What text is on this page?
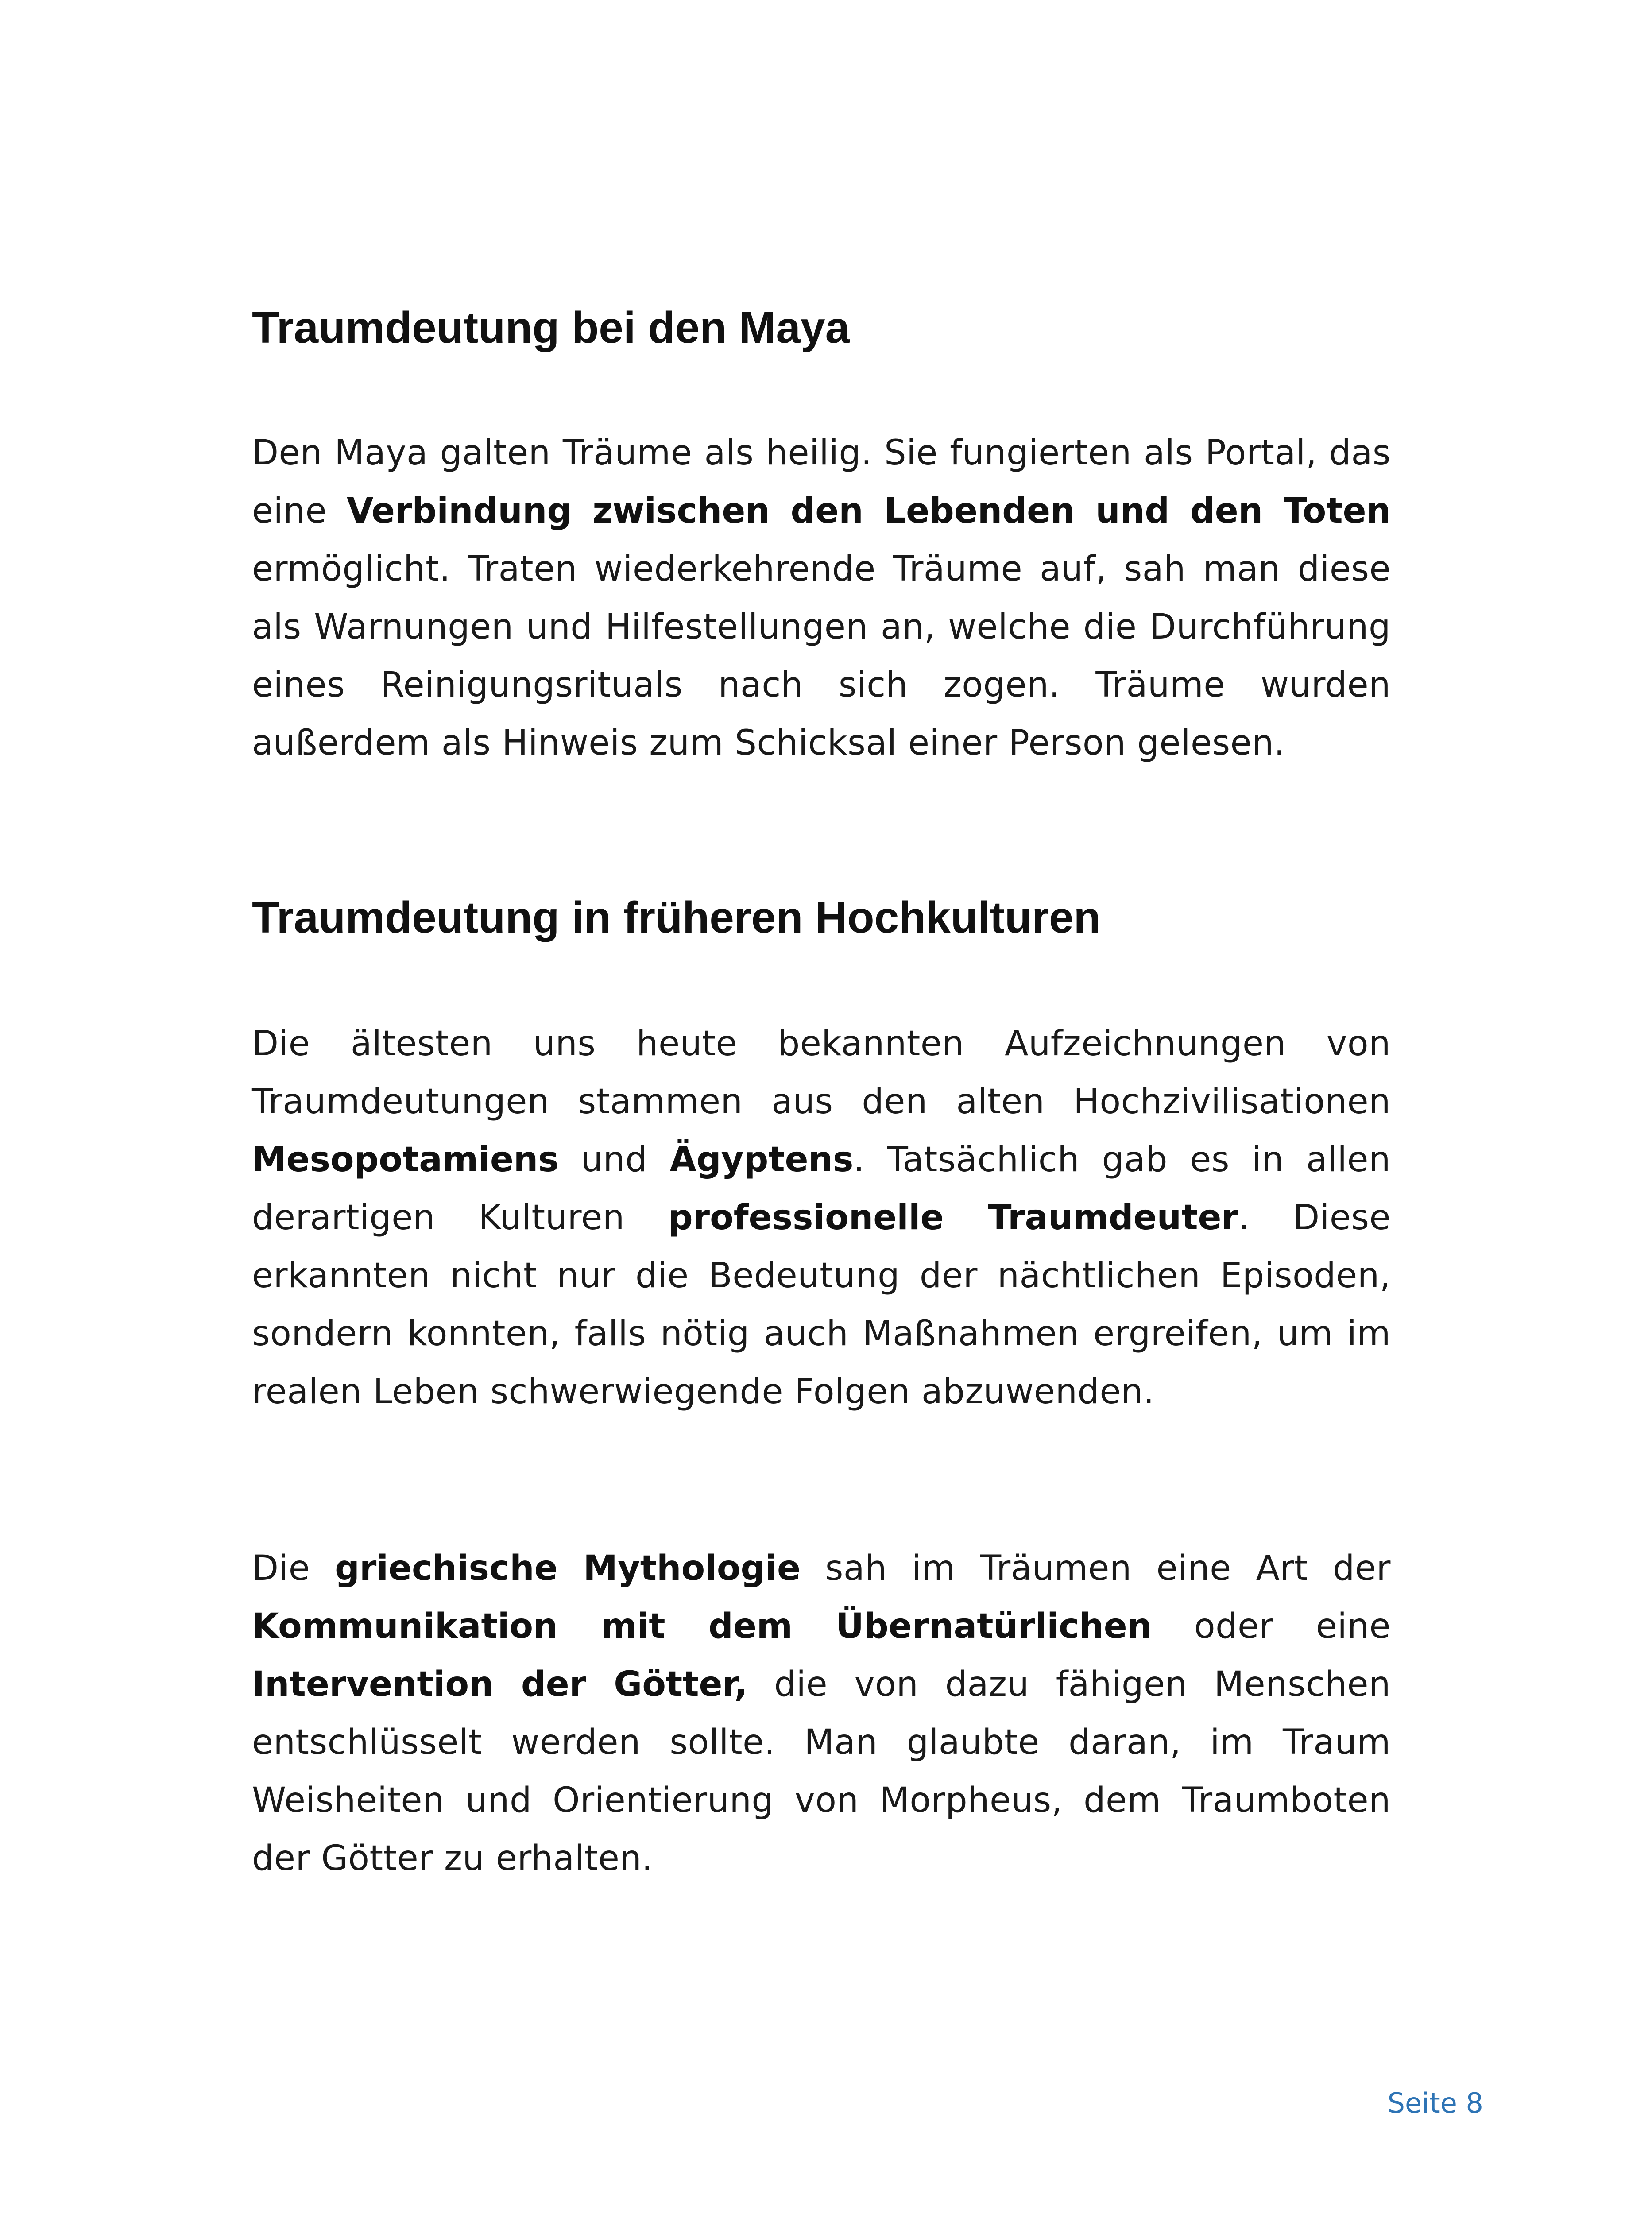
Traumdeutung bei den Maya

Den Maya galten Träume als heilig. Sie fungierten als Portal, das eine Verbindung zwischen den Lebenden und den Toten ermöglicht. Traten wiederkehrende Träume auf, sah man diese als Warnungen und Hilfestellungen an, welche die Durchführung eines Reinigungsrituals nach sich zogen. Träume wurden außerdem als Hinweis zum Schicksal einer Person gelesen.

Traumdeutung in früheren Hochkulturen

Die ältesten uns heute bekannten Aufzeichnungen von Traumdeutungen stammen aus den alten Hochzivilisationen Mesopotamiens und Ägyptens. Tatsächlich gab es in allen derartigen Kulturen professionelle Traumdeuter. Diese erkannten nicht nur die Bedeutung der nächtlichen Episoden, sondern konnten, falls nötig auch Maßnahmen ergreifen, um im realen Leben schwerwiegende Folgen abzuwenden.

Die griechische Mythologie sah im Träumen eine Art der Kommunikation mit dem Übernatürlichen oder eine Intervention der Götter, die von dazu fähigen Menschen entschlüsselt werden sollte. Man glaubte daran, im Traum Weisheiten und Orientierung von Morpheus, dem Traumboten der Götter zu erhalten.

Seite 8
